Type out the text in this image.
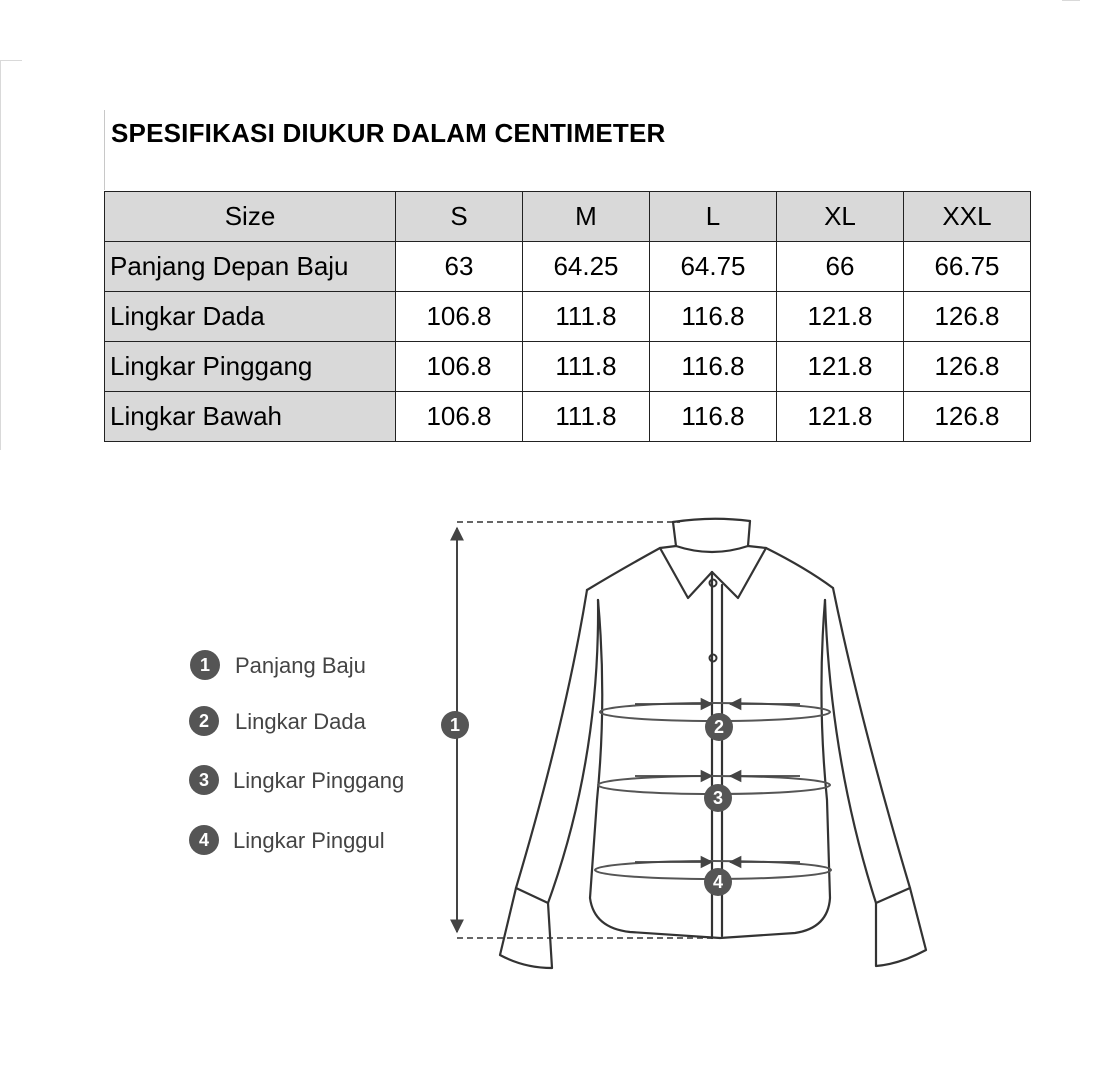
SPESIFIKASI DIUKUR DALAM CENTIMETER
Size	S	M	L	XL	XXL
Panjang Depan Baju	63	64.25	64.75	66	66.75
Lingkar Dada	106.8	111.8	116.8	121.8	126.8
Lingkar Pinggang	106.8	111.8	116.8	121.8	126.8
Lingkar Bawah	106.8	111.8	116.8	121.8	126.8
1 Panjang Baju
2 Lingkar Dada
3 Lingkar Pinggang
4 Lingkar Pinggul
1	2
3
4
